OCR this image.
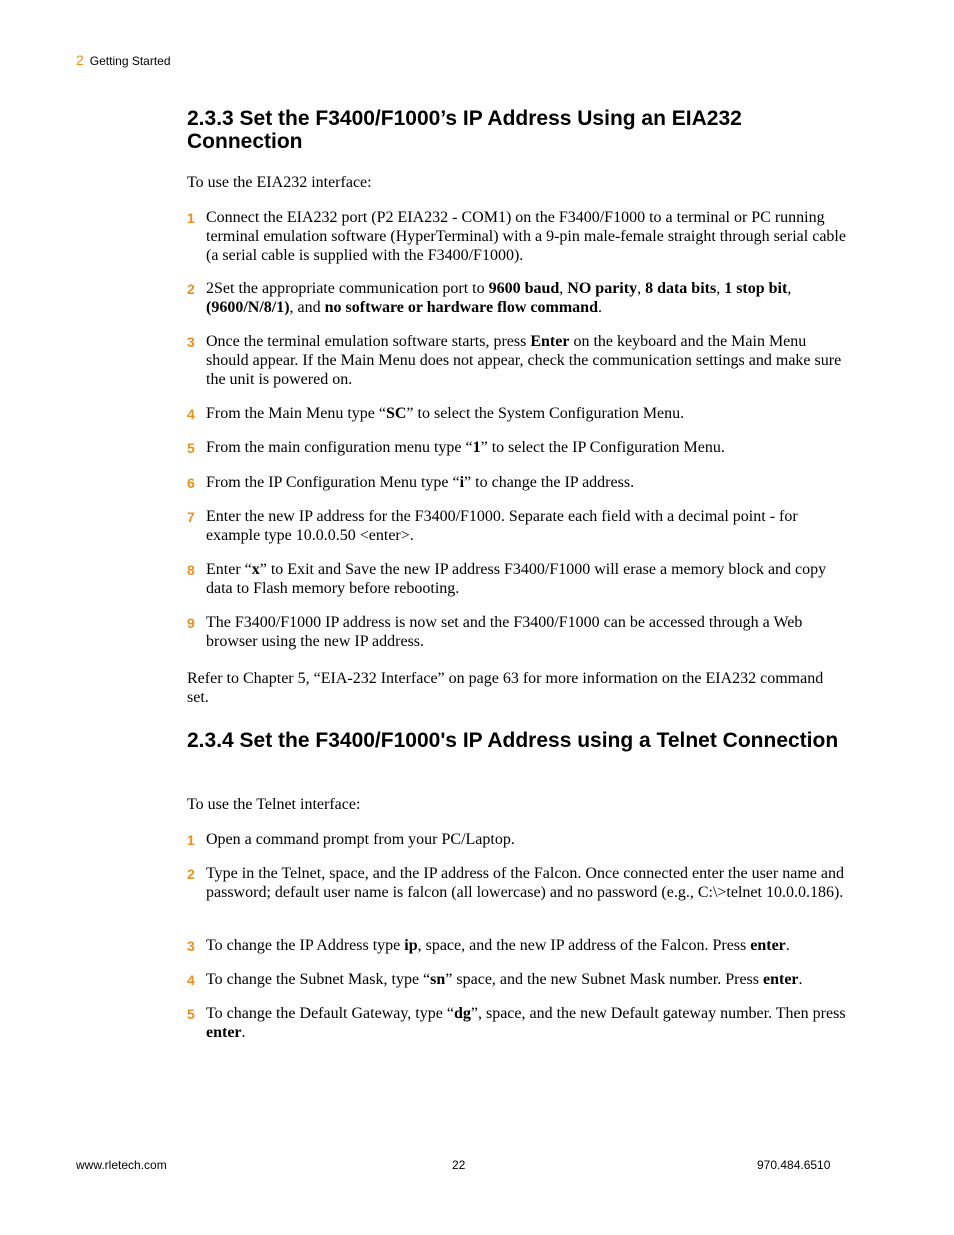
2 Getting Started
2.3.3 Set the F3400/F1000’s IP Address Using an EIA232 Connection

To use the EIA232 interface:

1 Connect the EIA232 port (P2 EIA232 - COM1) on the F3400/F1000 to a terminal or PC running terminal emulation software (HyperTerminal) with a 9-pin male-female straight through serial cable (a serial cable is supplied with the F3400/F1000).
2 2Set the appropriate communication port to 9600 baud, NO parity, 8 data bits, 1 stop bit, (9600/N/8/1), and no software or hardware flow command.
3 Once the terminal emulation software starts, press Enter on the keyboard and the Main Menu should appear. If the Main Menu does not appear, check the communication settings and make sure the unit is powered on.
4 From the Main Menu type “SC” to select the System Configuration Menu.
5 From the main configuration menu type “1” to select the IP Configuration Menu.
6 From the IP Configuration Menu type “i” to change the IP address.
7 Enter the new IP address for the F3400/F1000. Separate each field with a decimal point - for example type 10.0.0.50 <enter>.
8 Enter “x” to Exit and Save the new IP address F3400/F1000 will erase a memory block and copy data to Flash memory before rebooting.
9 The F3400/F1000 IP address is now set and the F3400/F1000 can be accessed through a Web browser using the new IP address.

Refer to Chapter 5, “EIA-232 Interface” on page 63 for more information on the EIA232 command set.

2.3.4 Set the F3400/F1000's IP Address using a Telnet Connection

To use the Telnet interface:

1 Open a command prompt from your PC/Laptop.
2 Type in the Telnet, space, and the IP address of the Falcon. Once connected enter the user name and password; default user name is falcon (all lowercase) and no password (e.g., C:\>telnet 10.0.0.186).
3 To change the IP Address type ip, space, and the new IP address of the Falcon. Press enter.
4 To change the Subnet Mask, type “sn” space, and the new Subnet Mask number. Press enter.
5 To change the Default Gateway, type “dg”, space, and the new Default gateway number. Then press enter.
www.rletech.com	22	970.484.6510
